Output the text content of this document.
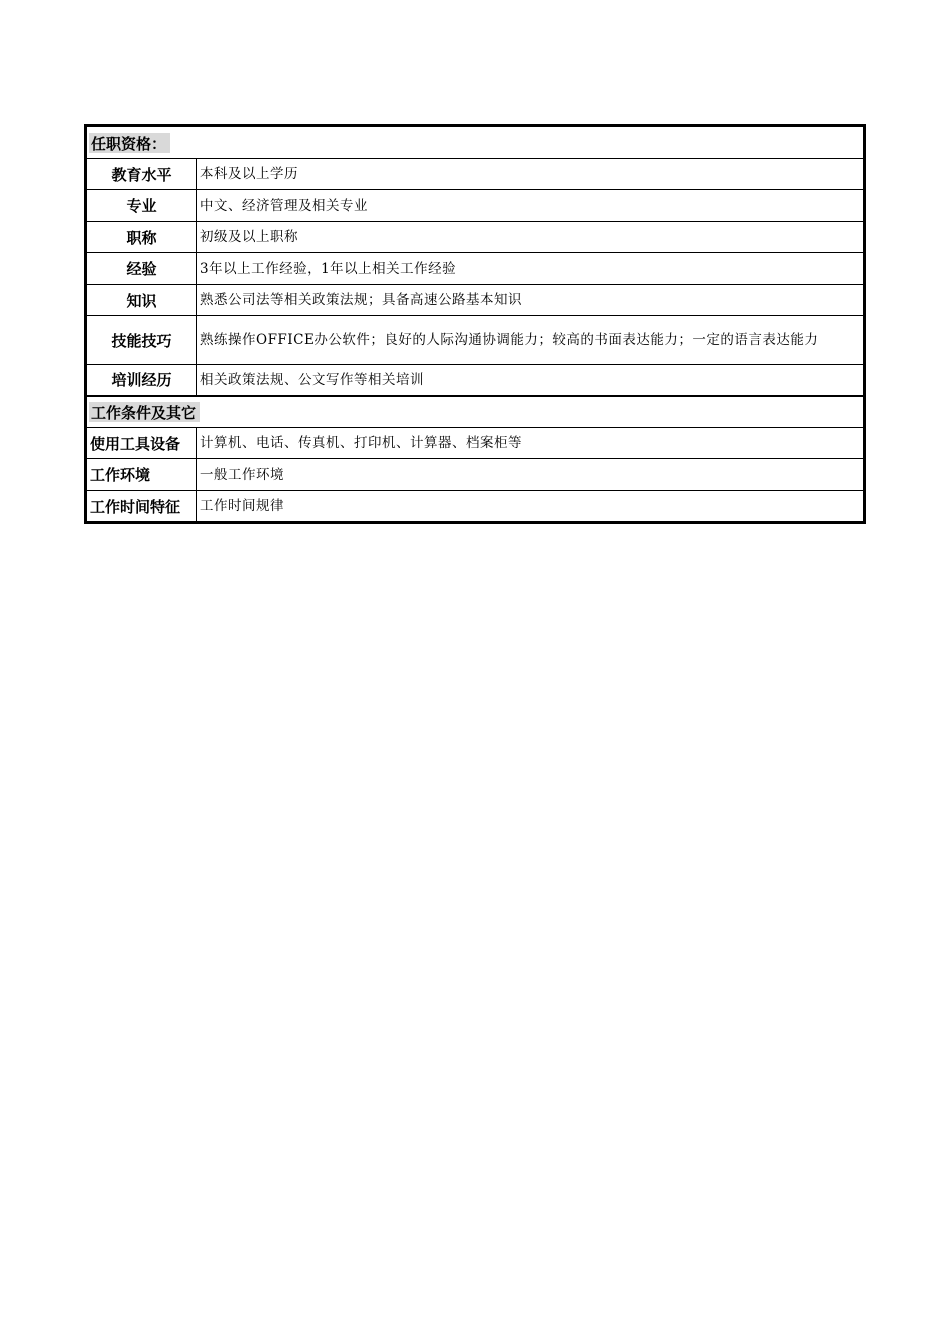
任职资格：	
教育水平	本科及以上学历
专业	中文、经济管理及相关专业
职称	初级及以上职称
经验	3年以上工作经验，1年以上相关工作经验
知识	熟悉公司法等相关政策法规；具备高速公路基本知识
技能技巧	熟练操作OFFICE办公软件；良好的人际沟通协调能力；较高的书面表达能力；一定的语言表达能力
培训经历	相关政策法规、公文写作等相关培训
工作条件及其它	
使用工具设备	计算机、电话、传真机、打印机、计算器、档案柜等
工作环境	一般工作环境
工作时间特征	工作时间规律
